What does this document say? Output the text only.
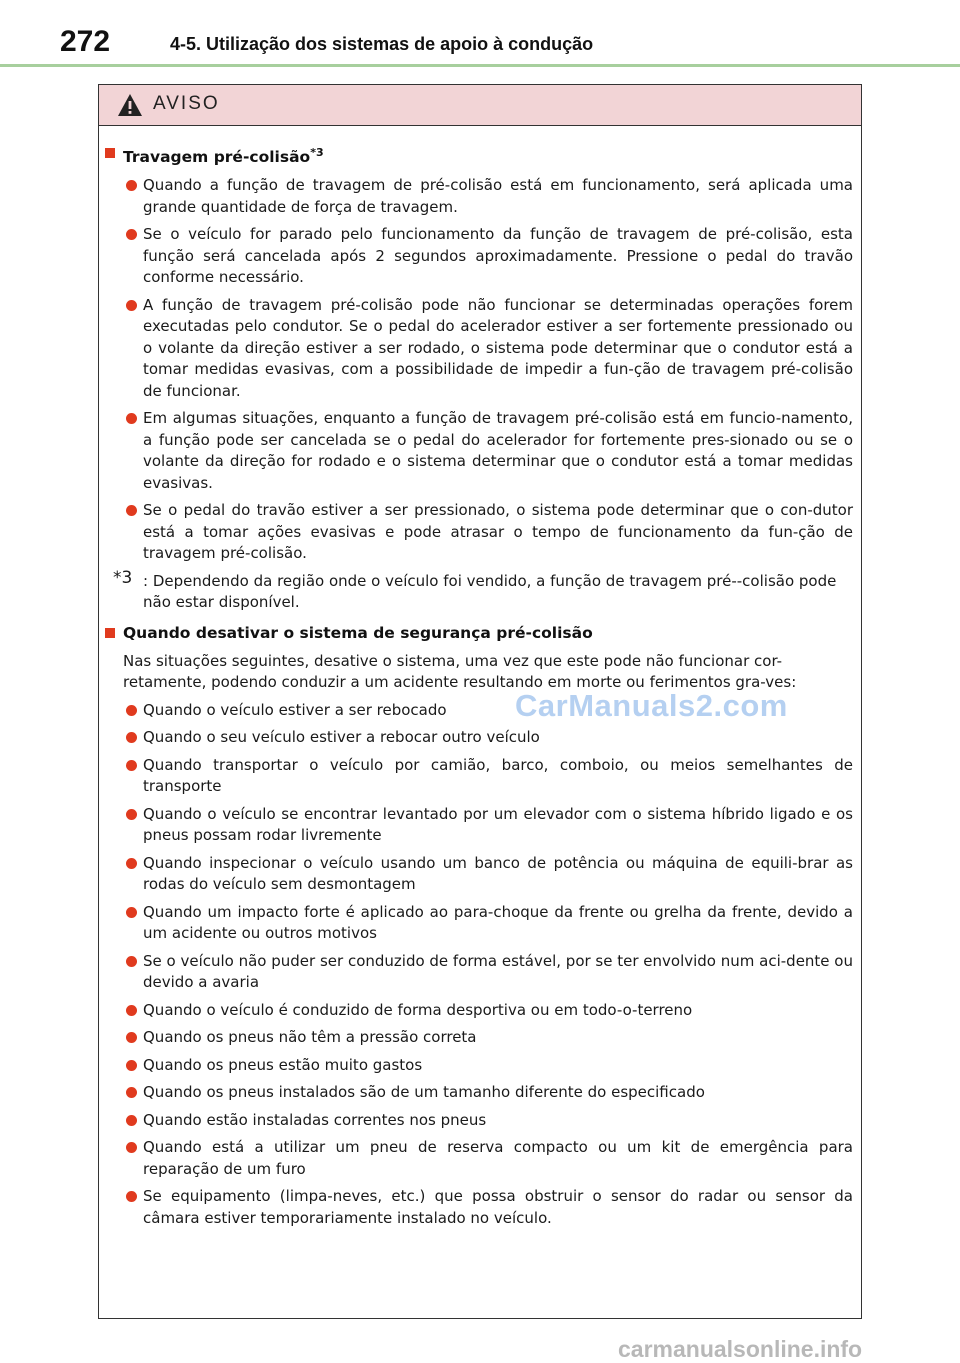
272	4-5. Utilização dos sistemas de apoio à condução
AVISO
Travagem pré-colisão$^{*3}$
Quando a função de travagem de pré-colisão está em funcionamento, será aplicada uma grande quantidade de força de travagem.
Se o veículo for parado pelo funcionamento da função de travagem de pré-colisão, esta função será cancelada após 2 segundos aproximadamente. Pressione o pedal do travão conforme necessário.
A função de travagem pré-colisão pode não funcionar se determinadas operações forem executadas pelo condutor. Se o pedal do acelerador estiver a ser fortemente pressionado ou o volante da direção estiver a ser rodado, o sistema pode determinar que o condutor está a tomar medidas evasivas, com a possibilidade de impedir a fun-ção de travagem pré-colisão de funcionar.
Em algumas situações, enquanto a função de travagem pré-colisão está em funcio-namento, a função pode ser cancelada se o pedal do acelerador for fortemente pres-sionado ou se o volante da direção for rodado e o sistema determinar que o condutor está a tomar medidas evasivas.
Se o pedal do travão estiver a ser pressionado, o sistema pode determinar que o con-dutor está a tomar ações evasivas e pode atrasar o tempo de funcionamento da fun-ção de travagem pré-colisão.
*3 : Dependendo da região onde o veículo foi vendido, a função de travagem pré--colisão pode não estar disponível.
Quando desativar o sistema de segurança pré-colisão
Nas situações seguintes, desative o sistema, uma vez que este pode não funcionar cor-retamente, podendo conduzir a um acidente resultando em morte ou ferimentos gra-ves:
Quando o veículo estiver a ser rebocado
Quando o seu veículo estiver a rebocar outro veículo
Quando transportar o veículo por camião, barco, comboio, ou meios semelhantes de transporte
Quando o veículo se encontrar levantado por um elevador com o sistema híbrido ligado e os pneus possam rodar livremente
Quando inspecionar o veículo usando um banco de potência ou máquina de equili-brar as rodas do veículo sem desmontagem
Quando um impacto forte é aplicado ao para-choque da frente ou grelha da frente, devido a um acidente ou outros motivos
Se o veículo não puder ser conduzido de forma estável, por se ter envolvido num aci-dente ou devido a avaria
Quando o veículo é conduzido de forma desportiva ou em todo-o-terreno
Quando os pneus não têm a pressão correta
Quando os pneus estão muito gastos
Quando os pneus instalados são de um tamanho diferente do especificado
Quando estão instaladas correntes nos pneus
Quando está a utilizar um pneu de reserva compacto ou um kit de emergência para reparação de um furo
Se equipamento (limpa-neves, etc.) que possa obstruir o sensor do radar ou sensor da câmara estiver temporariamente instalado no veículo.
CarManuals2.com
carmanualsonline.info
